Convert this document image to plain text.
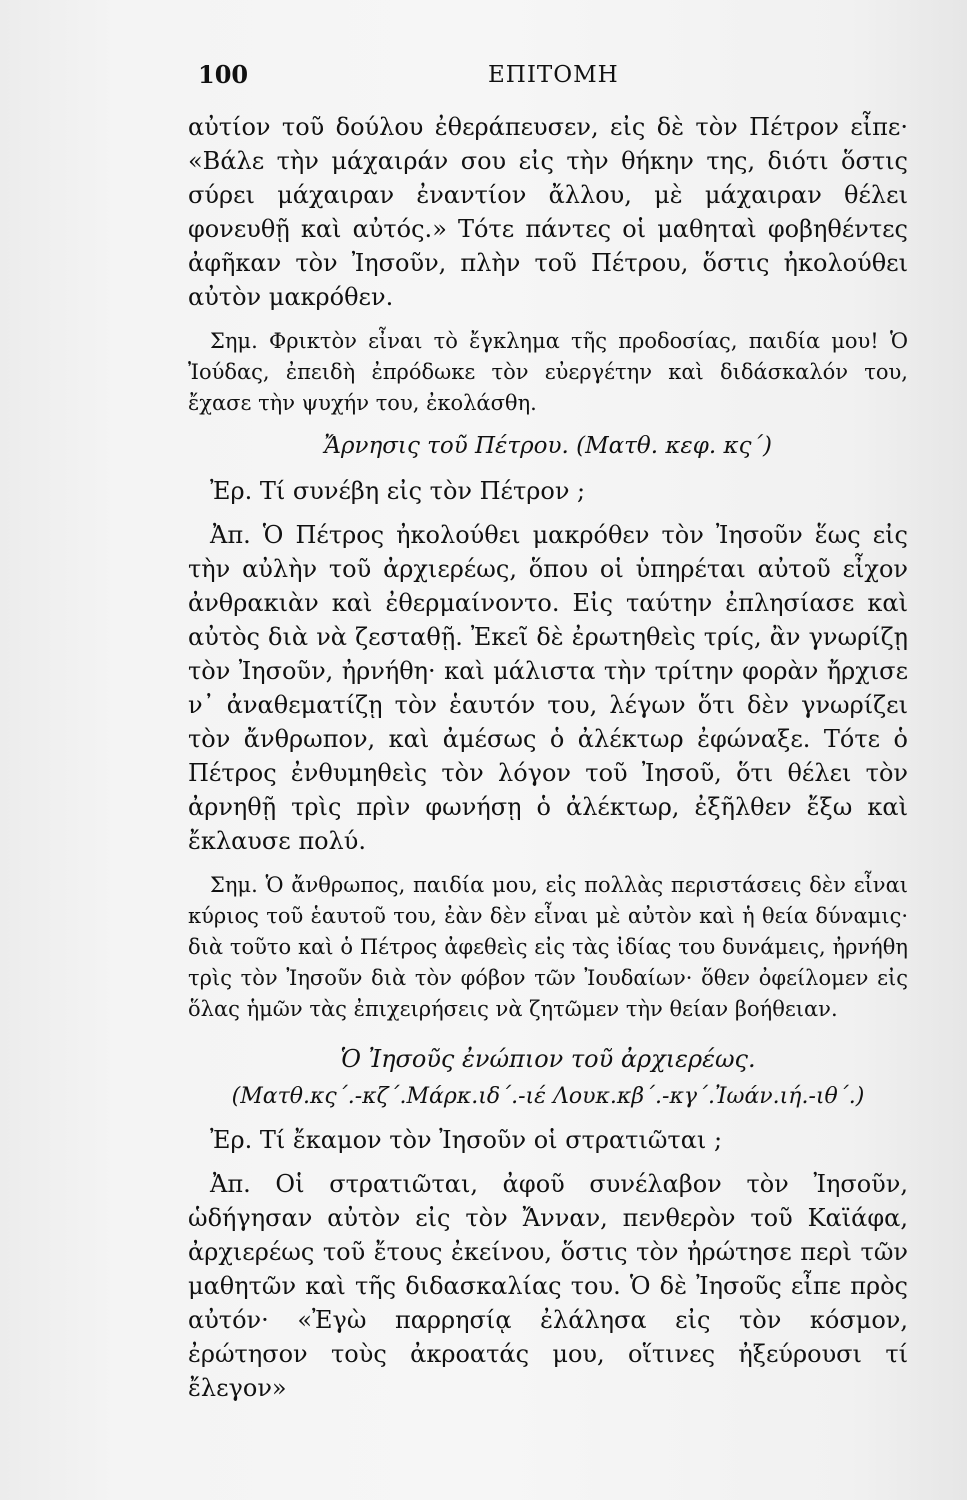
100	ΕΠΙΤΟΜΗ

αὐτίον τοῦ δούλου ἐθεράπευσεν, εἰς δὲ τὸν Πέτρον εἶπε· «Βάλε τὴν μάχαιράν σου εἰς τὴν θήκην της, διότι ὅστις σύρει μάχαιραν ἐναντίον ἄλλου, μὲ μάχαιραν θέλει φονευθῇ καὶ αὐτός.» Τότε πάντες οἱ μαθηταὶ φοβηθέντες ἀφῆκαν τὸν Ἰησοῦν, πλὴν τοῦ Πέτρου, ὅστις ἠκολούθει αὐτὸν μακρόθεν.

Σημ. Φρικτὸν εἶναι τὸ ἔγκλημα τῆς προδοσίας, παιδία μου! Ὁ Ἰούδας, ἐπειδὴ ἐπρόδωκε τὸν εὐεργέτην καὶ διδάσκαλόν του, ἔχασε τὴν ψυχήν του, ἐκολάσθη.

Ἄρνησις τοῦ Πέτρου. (Ματθ. κεφ. κς΄)

Ἐρ. Τί συνέβη εἰς τὸν Πέτρον ;

Ἀπ. Ὁ Πέτρος ἠκολούθει μακρόθεν τὸν Ἰησοῦν ἕως εἰς τὴν αὐλὴν τοῦ ἀρχιερέως, ὅπου οἱ ὑπηρέται αὐτοῦ εἶχον ἀνθρακιὰν καὶ ἐθερμαίνοντο. Εἰς ταύτην ἐπλησίασε καὶ αὐτὸς διὰ νὰ ζεσταθῇ. Ἐκεῖ δὲ ἐρωτηθεὶς τρίς, ἂν γνωρίζῃ τὸν Ἰησοῦν, ἠρνήθη· καὶ μάλιστα τὴν τρίτην φορὰν ἤρχισε ν᾽ ἀναθεματίζῃ τὸν ἑαυτόν του, λέγων ὅτι δὲν γνωρίζει τὸν ἄνθρωπον, καὶ ἀμέσως ὁ ἀλέκτωρ ἐφώναξε. Τότε ὁ Πέτρος ἐνθυμηθεὶς τὸν λόγον τοῦ Ἰησοῦ, ὅτι θέλει τὸν ἀρνηθῇ τρὶς πρὶν φωνήσῃ ὁ ἀλέκτωρ, ἐξῆλθεν ἔξω καὶ ἔκλαυσε πολύ.

Σημ. Ὁ ἄνθρωπος, παιδία μου, εἰς πολλὰς περιστάσεις δὲν εἶναι κύριος τοῦ ἑαυτοῦ του, ἐὰν δὲν εἶναι μὲ αὐτὸν καὶ ἡ θεία δύναμις· διὰ τοῦτο καὶ ὁ Πέτρος ἀφεθεὶς εἰς τὰς ἰδίας του δυνάμεις, ἠρνήθη τρὶς τὸν Ἰησοῦν διὰ τὸν φόβον τῶν Ἰουδαίων· ὅθεν ὀφείλομεν εἰς ὅλας ἡμῶν τὰς ἐπιχειρήσεις νὰ ζητῶμεν τὴν θείαν βοήθειαν.

Ὁ Ἰησοῦς ἐνώπιον τοῦ ἀρχιερέως.
(Ματθ.κς΄.-κζ΄.Μάρκ.ιδ΄.-ιέ Λουκ.κβ΄.-κγ΄.Ἰωάν.ιή.-ιθ΄.)

Ἐρ. Τί ἔκαμον τὸν Ἰησοῦν οἱ στρατιῶται ;

Ἀπ. Οἱ στρατιῶται, ἀφοῦ συνέλαβον τὸν Ἰησοῦν, ὡδήγησαν αὐτὸν εἰς τὸν Ἄνναν, πενθερὸν τοῦ Καϊάφα, ἀρχιερέως τοῦ ἔτους ἐκείνου, ὅστις τὸν ἠρώτησε περὶ τῶν μαθητῶν καὶ τῆς διδασκαλίας του. Ὁ δὲ Ἰησοῦς εἶπε πρὸς αὐτόν· «Ἐγὼ παρρησίᾳ ἐλάλησα εἰς τὸν κόσμον, ἐρώτησον τοὺς ἀκροατάς μου, οἵτινες ἠξεύρουσι τί ἔλεγον»
